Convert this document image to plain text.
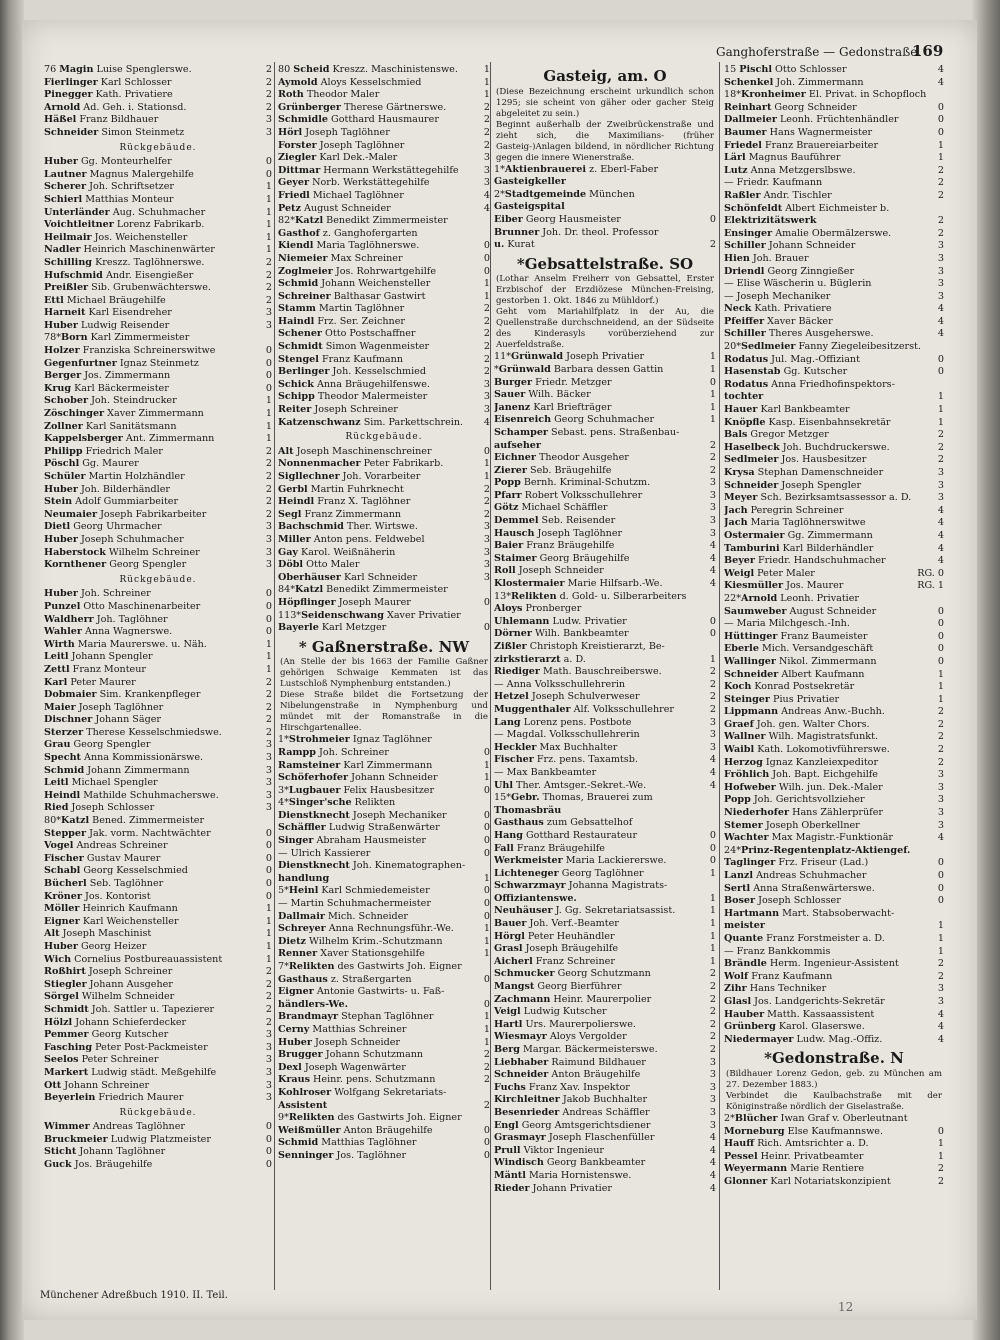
Ganghoferstraße — Gedonstraße.
169
76 Magin Luise Spenglerswe.	2
Fierlinger Karl Schlosser	2
Pinegger Kath. Privatiere	2
Arnold Ad. Geh. i. Stationsd.	2
Häßel Franz Bildhauer	3
Schneider Simon Steinmetz	3
Rückgebäude.
Huber Gg. Monteurhelfer	0
Lautner Magnus Malergehilfe	0
Scherer Joh. Schriftsetzer	1
Schierl Matthias Monteur	1
Unterländer Aug. Schuhmacher	1
Voichtleitner Lorenz Fabrikarb.	1
Heilmair Jos. Weichensteller	1
Nadler Heinrich Maschinenwärter	1
Schilling Kreszz. Taglöhnerswe.	2
Hufschmid Andr. Eisengießer	2
Preißler Sib. Grubenwächterswe.	2
Ettl Michael Bräugehilfe	2
Harneit Karl Eisendreher	3
Huber Ludwig Reisender	3
78*Born Karl Zimmermeister
Holzer Franziska Schreinerswitwe	0
Gegenfurtner Ignaz Steinmetz	0
Berger Jos. Zimmermann	0
Krug Karl Bäckermeister	0
Schober Joh. Steindrucker	1
Zöschinger Xaver Zimmermann	1
Zollner Karl Sanitätsmann	1
Kappelsberger Ant. Zimmermann	1
Philipp Friedrich Maler	2
Pöschl Gg. Maurer	2
Schüler Martin Holzhändler	2
Huber Joh. Bilderhändler	2
Stein Adolf Gummiarbeiter	2
Neumaier Joseph Fabrikarbeiter	2
Dietl Georg Uhrmacher	3
Huber Joseph Schuhmacher	3
Haberstock Wilhelm Schreiner	3
Kornthener Georg Spengler	3
Rückgebäude.
Huber Joh. Schreiner	0
Punzel Otto Maschinenarbeiter	0
Waldherr Joh. Taglöhner	0
Wahler Anna Wagnerswe.	0
Wirth Maria Maurerswe. u. Näh.	1
Leitl Johann Spengler	1
Zettl Franz Monteur	1
Karl Peter Maurer	2
Dobmaier Sim. Krankenpfleger	2
Maier Joseph Taglöhner	2
Dischner Johann Säger	2
Sterzer Therese Kesselschmiedswe.	2
Grau Georg Spengler	3
Specht Anna Kommissionärswe.	3
Schmid Johann Zimmermann	3
Leitl Michael Spengler	3
Heindl Mathilde Schuhmacherswe.	3
Ried Joseph Schlosser	3
80*Katzl Bened. Zimmermeister
Stepper Jak. vorm. Nachtwächter	0
Vogel Andreas Schreiner	0
Fischer Gustav Maurer	0
Schabl Georg Kesselschmied	0
Bücherl Seb. Taglöhner	0
Kröner Jos. Kontorist	0
Möller Heinrich Kaufmann	1
Eigner Karl Weichensteller	1
Alt Joseph Maschinist	1
Huber Georg Heizer	1
Wich Cornelius Postbureauassistent	1
Roßhirt Joseph Schreiner	2
Stiegler Johann Ausgeher	2
Sörgel Wilhelm Schneider	2
Schmidt Joh. Sattler u. Tapezierer	2
Hölzl Johann Schieferdecker	2
Pemmer Georg Kutscher	3
Fasching Peter Post-Packmeister	3
Seelos Peter Schreiner	3
Markert Ludwig städt. Meßgehilfe	3
Ott Johann Schreiner	3
Beyerlein Friedrich Maurer	3
Rückgebäude.
Wimmer Andreas Taglöhner	0
Bruckmeier Ludwig Platzmeister	0
Sticht Johann Taglöhner	0
Guck Jos. Bräugehilfe	0
80 Scheid Kreszz. Maschinistenswe.	1
Aymold Aloys Kesselschmied	1
Roth Theodor Maler	1
Grünberger Therese Gärtnerswe.	2
Schmidle Gotthard Hausmaurer	2
Hörl Joseph Taglöhner	2
Forster Joseph Taglöhner	2
Ziegler Karl Dek.-Maler	3
Dittmar Hermann Werkstättegehilfe	3
Geyer Norb. Werkstättegehilfe	3
Friedl Michael Taglöhner	4
Petz August Schneider	4
82*Katzl Benedikt Zimmermeister
Gasthof z. Ganghofergarten
Kiendl Maria Taglöhnerswe.	0
Niemeier Max Schreiner	0
Zoglmeier Jos. Rohrwartgehilfe	0
Schmid Johann Weichensteller	1
Schreiner Balthasar Gastwirt	1
Stamm Martin Taglöhner	2
Haindl Frz. Ser. Zeichner	2
Schener Otto Postschaffner	2
Schmidt Simon Wagenmeister	2
Stengel Franz Kaufmann	2
Berlinger Joh. Kesselschmied	2
Schick Anna Bräugehilfenswe.	3
Schipp Theodor Malermeister	3
Reiter Joseph Schreiner	3
Katzenschwanz Sim. Parkettschrein.	4
Rückgebäude.
Alt Joseph Maschinenschreiner	0
Nonnenmacher Peter Fabrikarb.	1
Sigllechner Joh. Vorarbeiter	1
Gerbl Martin Fuhrknecht	2
Heindl Franz X. Taglöhner	2
Segl Franz Zimmermann	2
Bachschmid Ther. Wirtswe.	3
Miller Anton pens. Feldwebel	3
Gay Karol. Weißnäherin	3
Döbl Otto Maler	3
Oberhäuser Karl Schneider	3
84*Katzl Benedikt Zimmermeister
Höpflinger Joseph Maurer	0
113*Seidenschwang Xaver Privatier
Bayerle Karl Metzger	0
* Gaßnerstraße. NW
(An Stelle der bis 1663 der Familie Gaßner gehörigen Schwaige Kemmaten ist das Lustschloß Nymphenburg entstanden.)
Diese Straße bildet die Fortsetzung der Nibelungenstraße in Nymphenburg und mündet mit der Romanstraße in die Hirschgartenallee.
1*Strohmeier Ignaz Taglöhner
Rampp Joh. Schreiner	0
Ramsteiner Karl Zimmermann	1
Schöferhofer Johann Schneider	1
3*Lugbauer Felix Hausbesitzer	0
4*Singer'sche Relikten
Dienstknecht Joseph Mechaniker	0
Schäffler Ludwig Straßenwärter	0
Singer Abraham Hausmeister	0
— Ulrich Kassierer	0
Dienstknecht Joh. Kinematographen-
handlung	1
5*Heinl Karl Schmiedemeister	0
— Martin Schuhmachermeister	0
Dallmair Mich. Schneider	0
Schreyer Anna Rechnungsführ.-We.	1
Dietz Wilhelm Krim.-Schutzmann	1
Renner Xaver Stationsgehilfe	1
7*Relikten des Gastwirts Joh. Eigner
Gasthaus z. Straßergarten	0
Eigner Antonie Gastwirts- u. Faß-
händlers-We.	0
Brandmayr Stephan Taglöhner	1
Cerny Matthias Schreiner	1
Huber Joseph Schneider	1
Brugger Johann Schutzmann	2
Dexl Joseph Wagenwärter	2
Kraus Heinr. pens. Schutzmann	2
Kohlroser Wolfgang Sekretariats-
Assistent	2
9*Relikten des Gastwirts Joh. Eigner
Weißmüller Anton Bräugehilfe	0
Schmid Matthias Taglöhner	0
Senninger Jos. Taglöhner	0
Gasteig, am. O
(Diese Bezeichnung erscheint urkundlich schon 1295; sie scheint von gäher oder gacher Steig abgeleitet zu sein.)
Beginnt außerhalb der Zweibrückenstraße und zieht sich, die Maximilians- (früher Gasteig-)Anlagen bildend, in nördlicher Richtung gegen die innere Wienerstraße.
1*Aktienbrauerei z. Eberl-Faber
Gasteigkeller
2*Stadtgemeinde München
Gasteigspital
Eiber Georg Hausmeister	0
Brunner Joh. Dr. theol. Professor
u. Kurat	2
*Gebsattelstraße. SO
(Lothar Anselm Freiherr von Gebsattel, Erster Erzbischof der Erzdiözese München-Freising, gestorben 1. Okt. 1846 zu Mühldorf.)
Geht vom Mariahilfplatz in der Au, die Quellenstraße durchschneidend, an der Südseite des Kinderasyls vorüberziehend zur Auerfeldstraße.
11*Grünwald Joseph Privatier	1
*Grünwald Barbara dessen Gattin	1
Burger Friedr. Metzger	0
Sauer Wilh. Bäcker	1
Janenz Karl Briefträger	1
Eisenreich Georg Schuhmacher	1
Schamper Sebast. pens. Straßenbau-
aufseher	2
Eichner Theodor Ausgeher	2
Zierer Seb. Bräugehilfe	2
Popp Bernh. Kriminal-Schutzm.	3
Pfarr Robert Volksschullehrer	3
Götz Michael Schäffler	3
Demmel Seb. Reisender	3
Hausch Joseph Taglöhner	3
Baier Franz Bräugehilfe	4
Staimer Georg Bräugehilfe	4
Roll Joseph Schneider	4
Klostermaier Marie Hilfsarb.-We.	4
13*Relikten d. Gold- u. Silberarbeiters
Aloys Pronberger
Uhlemann Ludw. Privatier	0
Dörner Wilh. Bankbeamter	0
Zißler Christoph Kreistierarzt, Be-
zirkstierarzt a. D.	1
Riediger Math. Bauschreiberswe.	2
— Anna Volksschullehrerin	2
Hetzel Joseph Schulverweser	2
Muggenthaler Alf. Volksschullehrer	2
Lang Lorenz pens. Postbote	3
— Magdal. Volksschullehrerin	3
Heckler Max Buchhalter	3
Fischer Frz. pens. Taxamtsb.	4
— Max Bankbeamter	4
Uhl Ther. Amtsger.-Sekret.-We.	4
15*Gebr. Thomas, Brauerei zum
Thomasbräu
Gasthaus zum Gebsattelhof
Hang Gotthard Restaurateur	0
Fall Franz Bräugehilfe	0
Werkmeister Maria Lackiererswe.	0
Lichteneger Georg Taglöhner	1
Schwarzmayr Johanna Magistrats-
Offiziantenswe.	1
Neuhäuser J. Gg. Sekretariatsassist.	1
Bauer Joh. Verf.-Beamter	1
Hörgl Peter Heuhändler	1
Grasl Joseph Bräugehilfe	1
Aicherl Franz Schreiner	1
Schmucker Georg Schutzmann	2
Mangst Georg Bierführer	2
Zachmann Heinr. Maurerpolier	2
Veigl Ludwig Kutscher	2
Hartl Urs. Maurerpolierswe.	2
Wiesmayr Aloys Vergolder	2
Berg Margar. Bäckermeisterswe.	2
Liebhaber Raimund Bildhauer	3
Schneider Anton Bräugehilfe	3
Fuchs Franz Xav. Inspektor	3
Kirchleitner Jakob Buchhalter	3
Besenrieder Andreas Schäffler	3
Engl Georg Amtsgerichtsdiener	3
Grasmayr Joseph Flaschenfüller	4
Prull Viktor Ingenieur	4
Windisch Georg Bankbeamter	4
Mäntl Maria Hornistenswe.	4
Rieder Johann Privatier	4
15 Pischl Otto Schlosser	4
Schenkel Joh. Zimmermann	4
18*Kronheimer El. Privat. in Schopfloch
Reinhart Georg Schneider	0
Dallmeier Leonh. Früchtenhändler	0
Baumer Hans Wagnermeister	0
Friedel Franz Brauereiarbeiter	1
Lärl Magnus Bauführer	1
Lutz Anna Metzgerslbswe.	2
— Friedr. Kaufmann	2
Raßler Andr. Tischler	2
Schönfeldt Albert Eichmeister b.
Elektrizitätswerk	2
Ensinger Amalie Obermälzerswe.	2
Schiller Johann Schneider	3
Hien Joh. Brauer	3
Driendl Georg Zinngießer	3
— Elise Wäscherin u. Büglerin	3
— Joseph Mechaniker	3
Neck Kath. Privatiere	4
Pfeiffer Xaver Bäcker	4
Schiller Theres Ausgeherswe.	4
20*Sedlmeier Fanny Ziegeleibesitzerst.
Rodatus Jul. Mag.-Offiziant	0
Hasenstab Gg. Kutscher	0
Rodatus Anna Friedhofinspektors-
tochter	1
Hauer Karl Bankbeamter	1
Knöpfle Kasp. Eisenbahnsekretär	1
Bals Gregor Metzger	2
Haselbeck Joh. Buchdruckerswe.	2
Sedlmeier Jos. Hausbesitzer	2
Krysa Stephan Damenschneider	3
Schneider Joseph Spengler	3
Meyer Sch. Bezirksamtsassessor a. D.	3
Jach Peregrin Schreiner	4
Jach Maria Taglöhnerswitwe	4
Ostermaier Gg. Zimmermann	4
Tamburini Karl Bilderhändler	4
Beyer Friedr. Handschuhmacher	4
Weigl Peter Maler	RG. 0
Kiesmüller Jos. Maurer	RG. 1
22*Arnold Leonh. Privatier
Saumweber August Schneider	0
— Maria Milchgesch.-Inh.	0
Hüttinger Franz Baumeister	0
Eberle Mich. Versandgeschäft	0
Wallinger Nikol. Zimmermann	0
Schneider Albert Kaufmann	1
Koch Konrad Postsekretär	1
Steinger Pius Privatier	1
Lippmann Andreas Anw.-Buchh.	2
Graef Joh. gen. Walter Chors.	2
Wallner Wilh. Magistratsfunkt.	2
Waibl Kath. Lokomotivführerswe.	2
Herzog Ignaz Kanzleiexpeditor	2
Fröhlich Joh. Bapt. Eichgehilfe	3
Hofweber Wilh. jun. Dek.-Maler	3
Popp Joh. Gerichtsvollzieher	3
Niederhofer Hans Zählerprüfer	3
Stemer Joseph Oberkellner	3
Wachter Max Magistr.-Funktionär	4
24*Prinz-Regentenplatz-Aktiengef.
Taglinger Frz. Friseur (Lad.)	0
Lanzl Andreas Schuhmacher	0
Sertl Anna Straßenwärterswe.	0
Boser Joseph Schlosser	0
Hartmann Mart. Stabsoberwacht-
meister	1
Quante Franz Forstmeister a. D.	1
— Franz Bankkommis	1
Brändle Herm. Ingenieur-Assistent	2
Wolf Franz Kaufmann	2
Zihr Hans Techniker	3
Glasl Jos. Landgerichts-Sekretär	3
Hauber Matth. Kassaassistent	4
Grünberg Karol. Glaserswe.	4
Niedermayer Ludw. Mag.-Offiz.	4
*Gedonstraße. N
(Bildhauer Lorenz Gedon, geb. zu München am 27. Dezember 1883.)
Verbindet die Kaulbachstraße mit der Königinstraße nördlich der Giselastraße.
2*Blücher Iwan Graf v. Oberleutnant
Morneburg Else Kaufmannswe.	0
Hauff Rich. Amtsrichter a. D.	1
Pessel Heinr. Privatbeamter	1
Weyermann Marie Rentiere	2
Glonner Karl Notariatskonzipient	2
Münchener Adreßbuch 1910. II. Teil.
12
